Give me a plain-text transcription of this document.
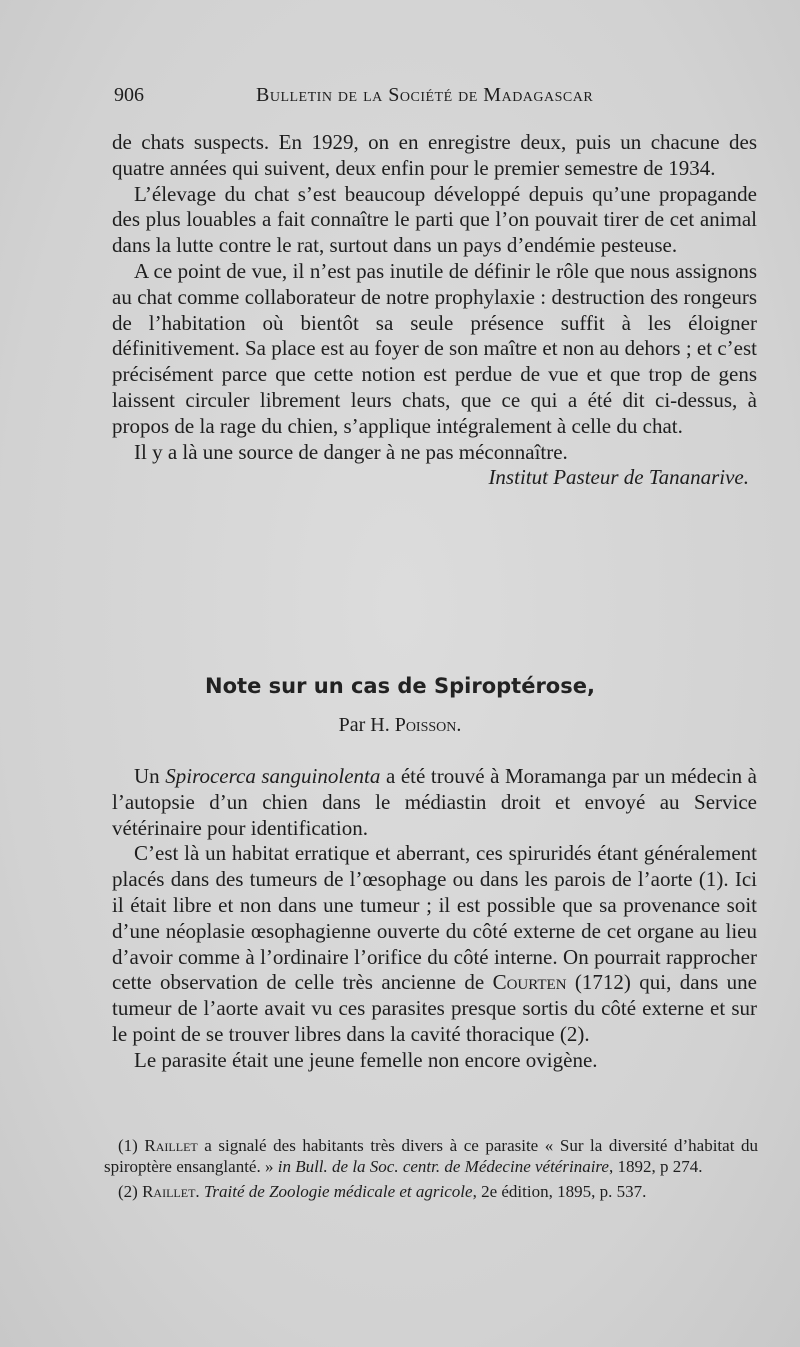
906	Bulletin de la Société de Madagascar

de chats suspects. En 1929, on en enregistre deux, puis un chacune des quatre années qui suivent, deux enfin pour le premier semestre de 1934.

L’élevage du chat s’est beaucoup développé depuis qu’une propagande des plus louables a fait connaître le parti que l’on pouvait tirer de cet animal dans la lutte contre le rat, surtout dans un pays d’endémie pesteuse.

A ce point de vue, il n’est pas inutile de définir le rôle que nous assignons au chat comme collaborateur de notre prophylaxie : destruction des rongeurs de l’habitation où bientôt sa seule présence suffit à les éloigner définitivement. Sa place est au foyer de son maître et non au dehors ; et c’est précisément parce que cette notion est perdue de vue et que trop de gens laissent circuler librement leurs chats, que ce qui a été dit ci-dessus, à propos de la rage du chien, s’applique intégralement à celle du chat.

Il y a là une source de danger à ne pas méconnaître.

Institut Pasteur de Tananarive.

Note sur un cas de Spiroptérose,
Par H. Poisson.

Un Spirocerca sanguinolenta a été trouvé à Moramanga par un médecin à l’autopsie d’un chien dans le médiastin droit et envoyé au Service vétérinaire pour identification.

C’est là un habitat erratique et aberrant, ces spiruridés étant généralement placés dans des tumeurs de l’œsophage ou dans les parois de l’aorte (1). Ici il était libre et non dans une tumeur ; il est possible que sa provenance soit d’une néoplasie œsophagienne ouverte du côté externe de cet organe au lieu d’avoir comme à l’ordinaire l’orifice du côté interne. On pourrait rapprocher cette observation de celle très ancienne de Courten (1712) qui, dans une tumeur de l’aorte avait vu ces parasites presque sortis du côté externe et sur le point de se trouver libres dans la cavité thoracique (2).

Le parasite était une jeune femelle non encore ovigène.

(1) Raillet a signalé des habitants très divers à ce parasite « Sur la diversité d’habitat du spiroptère ensanglanté. » in Bull. de la Soc. centr. de Médecine vétérinaire, 1892, p 274.

(2) Raillet. Traité de Zoologie médicale et agricole, 2e édition, 1895, p. 537.
